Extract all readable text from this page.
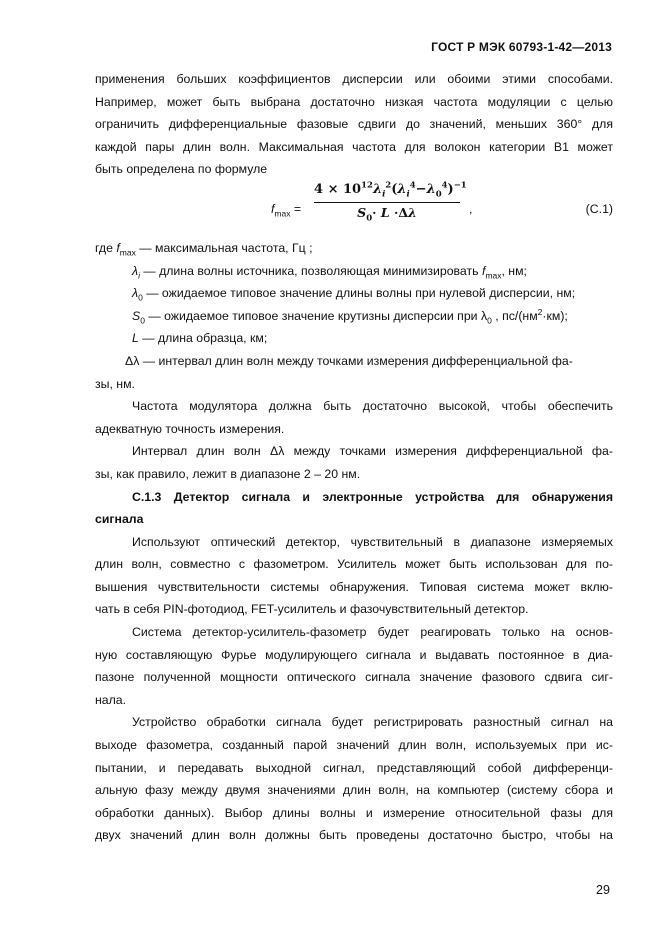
ГОСТ Р МЭК 60793-1-42—2013

применения больших коэффициентов дисперсии или обоими этими способами.

Например, может быть выбрана достаточно низкая частота модуляции с целью

ограничить дифференциальные фазовые сдвиги до значений, меньших 360° для

каждой пары длин волн. Максимальная частота для волокон категории В1 может

быть определена по формуле

$f_{max} = \frac{4 \times 10^{12}\lambda_i^2(\lambda_i^4-\lambda_0^4)^{-1}}{S_0\cdot L \cdot\Delta\lambda}$ ,	(С.1)

где $f_{max}$ — максимальная частота, Гц ;

$\lambda_i$ — длина волны источника, позволяющая минимизировать $f_{max}$, нм;

$\lambda_0$ — ожидаемое типовое значение длины волны при нулевой дисперсии, нм;

$S_0$ — ожидаемое типовое значение крутизны дисперсии при $\lambda_0$ , $пс/(нм^2\cdot км)$;

L — длина образца, км;

Δλ — интервал длин волн между точками измерения дифференциальной фа-

зы, нм.

Частота модулятора должна быть достаточно высокой, чтобы обеспечить

адекватную точность измерения.

Интервал длин волн Δλ между точками измерения дифференциальной фа-

зы, как правило, лежит в диапазоне 2 – 20 нм.

С.1.3 Детектор сигнала и электронные устройства для обнаружения

сигнала

Используют оптический детектор, чувствительный в диапазоне измеряемых

длин волн, совместно с фазометром. Усилитель может быть использован для по-

вышения чувствительности системы обнаружения. Типовая система может вклю-

чать в себя PIN-фотодиод, FET-усилитель и фазочувствительный детектор.

Система детектор-усилитель-фазометр будет реагировать только на основ-

ную составляющую Фурье модулирующего сигнала и выдавать постоянное в диа-

пазоне полученной мощности оптического сигнала значение фазового сдвига сиг-

нала.

Устройство обработки сигнала будет регистрировать разностный сигнал на

выходе фазометра, созданный парой значений длин волн, используемых при ис-

пытании, и передавать выходной сигнал, представляющий собой дифференци-

альную фазу между двумя значениями длин волн, на компьютер (систему сбора и

обработки данных). Выбор длины волны и измерение относительной фазы для

двух значений длин волн должны быть проведены достаточно быстро, чтобы на

29
